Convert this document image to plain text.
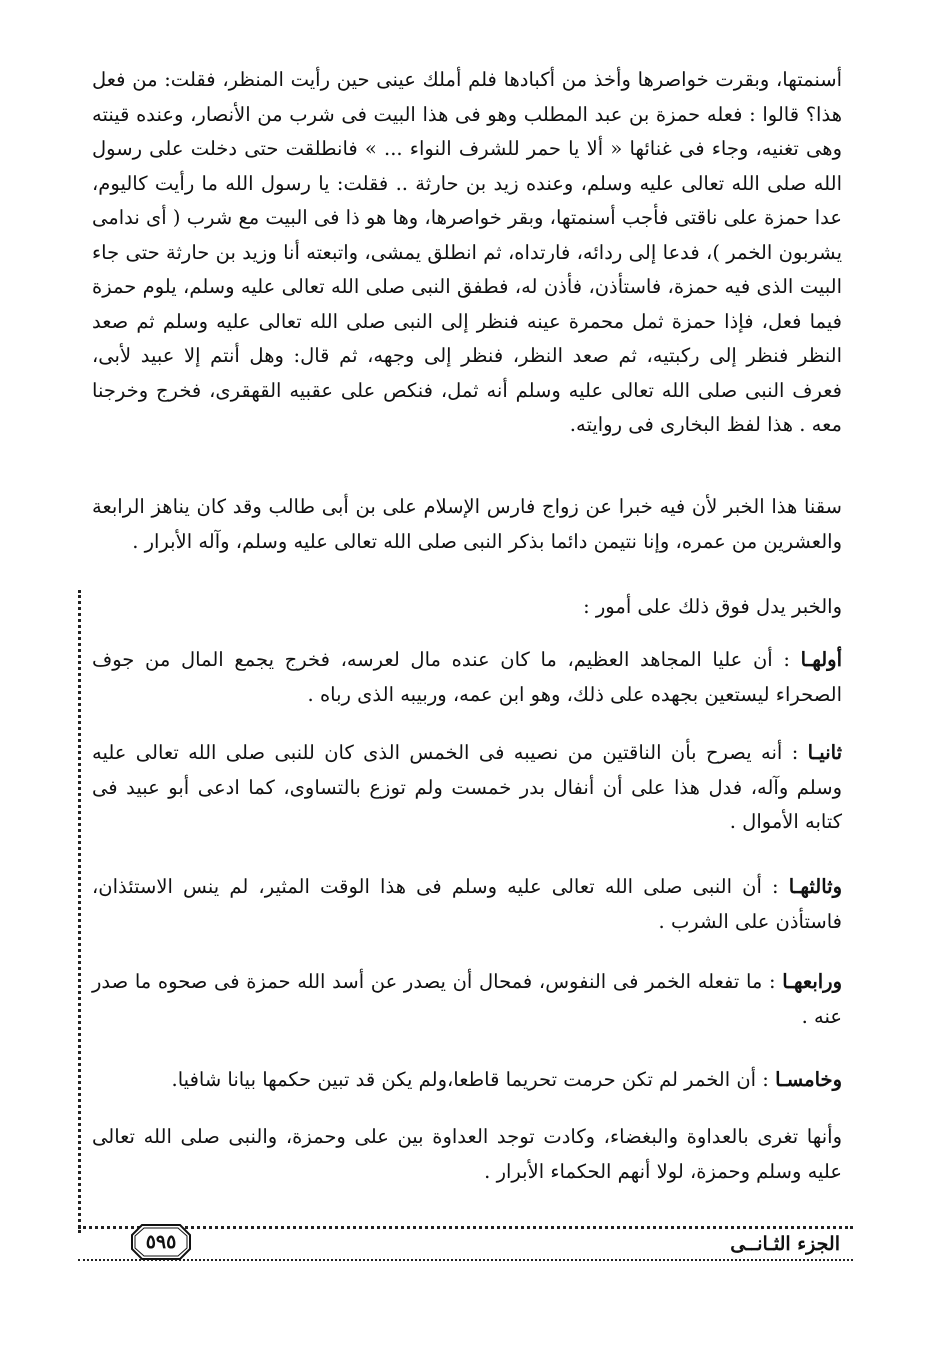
أسنمتها، وبقرت خواصرها وأخذ من أكبادها فلم أملك عينى حين رأيت المنظر، فقلت: من فعل هذا؟ قالوا : فعله حمزة بن عبد المطلب وهو فى هذا البيت فى شرب من الأنصار، وعنده قينته وهى تغنيه، وجاء فى غنائها « ألا يا حمر للشرف النواء ... » فانطلقت حتى دخلت على رسول الله صلى الله تعالى عليه وسلم، وعنده زيد بن حارثة .. فقلت: يا رسول الله ما رأيت كاليوم، عدا حمزة على ناقتى فأجب أسنمتها، وبقر خواصرها، وها هو ذا فى البيت مع شرب ( أى ندامى يشربون الخمر )، فدعا إلى ردائه، فارتداه، ثم انطلق يمشى، واتبعته أنا وزيد بن حارثة حتى جاء البيت الذى فيه حمزة، فاستأذن، فأذن له، فطفق النبى صلى الله تعالى عليه وسلم، يلوم حمزة فيما فعل، فإذا حمزة ثمل محمرة عينه فنظر إلى النبى صلى الله تعالى عليه وسلم ثم صعد النظر فنظر إلى ركبتيه، ثم صعد النظر، فنظر إلى وجهه، ثم قال: وهل أنتم إلا عبيد لأبى، فعرف النبى صلى الله تعالى عليه وسلم أنه ثمل، فنكص على عقبيه القهقرى، فخرج وخرجنا معه . هذا لفظ البخارى فى روايته.

سقنا هذا الخبر لأن فيه خبرا عن زواج فارس الإسلام على بن أبى طالب وقد كان يناهز الرابعة والعشرين من عمره، وإنا نتيمن دائما بذكر النبى صلى الله تعالى عليه وسلم، وآله الأبرار .

والخبر يدل فوق ذلك على أمور :

أولهـا : أن عليا المجاهد العظيم، ما كان عنده مال لعرسه، فخرج يجمع المال من جوف الصحراء ليستعين بجهده على ذلك، وهو ابن عمه، وربيبه الذى رباه .

ثانيـا : أنه يصرح بأن الناقتين من نصيبه فى الخمس الذى كان للنبى صلى الله تعالى عليه وسلم وآله، فدل هذا على أن أنفال بدر خمست ولم توزع بالتساوى، كما ادعى أبو عبيد فى كتابه الأموال .

وثالثهـا : أن النبى صلى الله تعالى عليه وسلم فى هذا الوقت المثير، لم ينس الاستئذان، فاستأذن على الشرب .

ورابعهـا : ما تفعله الخمر فى النفوس، فمحال أن يصدر عن أسد الله حمزة فى صحوه ما صدر عنه .

وخامسـا : أن الخمر لم تكن حرمت تحريما قاطعا،ولم يكن قد تبين حكمها بيانا شافيا.

وأنها تغرى بالعداوة والبغضاء، وكادت توجد العداوة بين على وحمزة، والنبى صلى الله تعالى عليه وسلم وحمزة، لولا أنهم الحكماء الأبرار .

الجزء الثـانــى
٥٩٥
